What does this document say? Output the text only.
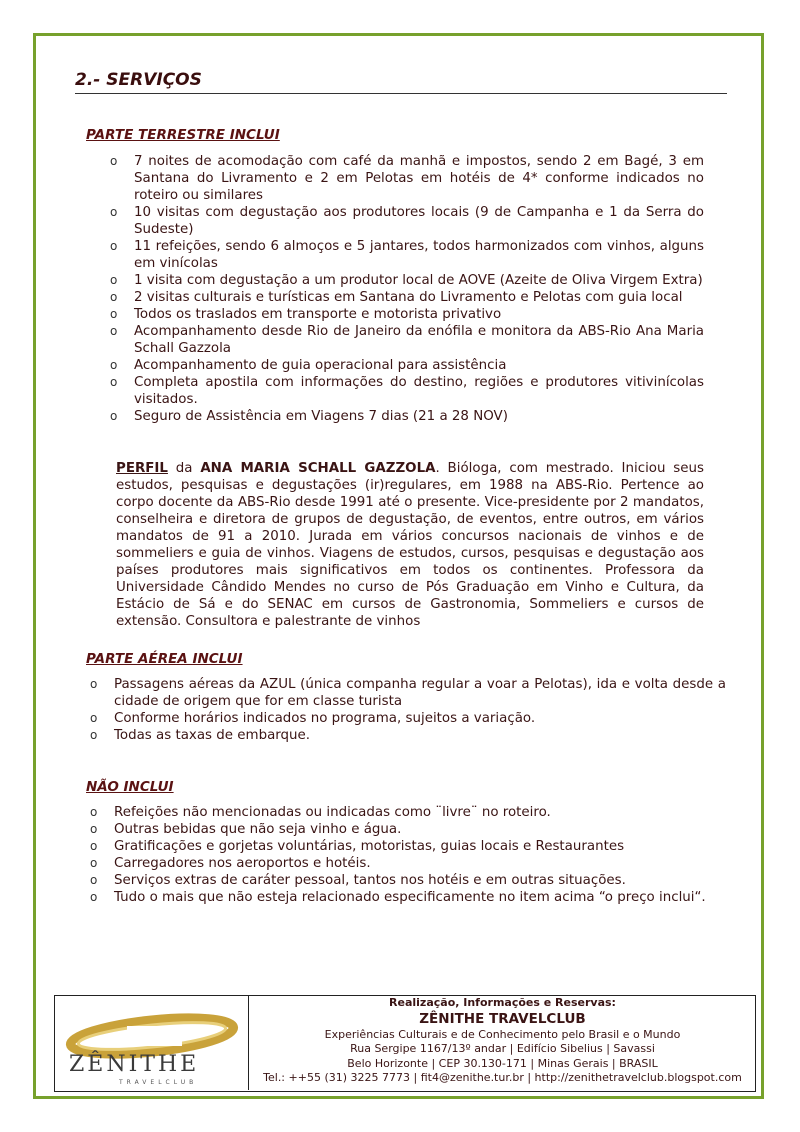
2.- SERVIÇOS
PARTE TERRESTRE INCLUI
o 7 noites de acomodação com café da manhã e impostos, sendo 2 em Bagé, 3 em Santana do Livramento e 2 em Pelotas em hotéis de 4* conforme indicados no roteiro ou similares
o 10 visitas com degustação aos produtores locais (9 de Campanha e 1 da Serra do Sudeste)
o 11 refeições, sendo 6 almoços e 5 jantares, todos harmonizados com vinhos, alguns em vinícolas
o 1 visita com degustação a um produtor local de AOVE (Azeite de Oliva Virgem Extra)
o 2 visitas culturais e turísticas em Santana do Livramento e Pelotas com guia local
o Todos os traslados em transporte e motorista privativo
o Acompanhamento desde Rio de Janeiro da enófila e monitora da ABS-Rio Ana Maria Schall Gazzola
o Acompanhamento de guia operacional para assistência
o Completa apostila com informações do destino, regiões e produtores vitivinícolas visitados.
o Seguro de Assistência em Viagens 7 dias (21 a 28 NOV)
PERFIL da ANA MARIA SCHALL GAZZOLA. Bióloga, com mestrado. Iniciou seus estudos, pesquisas e degustações (ir)regulares, em 1988 na ABS-Rio. Pertence ao corpo docente da ABS-Rio desde 1991 até o presente. Vice-presidente por 2 mandatos, conselheira e diretora de grupos de degustação, de eventos, entre outros, em vários mandatos de 91 a 2010. Jurada em vários concursos nacionais de vinhos e de sommeliers e guia de vinhos. Viagens de estudos, cursos, pesquisas e degustação aos países produtores mais significativos em todos os continentes. Professora da Universidade Cândido Mendes no curso de Pós Graduação em Vinho e Cultura, da Estácio de Sá e do SENAC em cursos de Gastronomia, Sommeliers e cursos de extensão. Consultora e palestrante de vinhos
PARTE AÉREA INCLUI
o Passagens aéreas da AZUL (única companha regular a voar a Pelotas), ida e volta desde a cidade de origem que for em classe turista
o Conforme horários indicados no programa, sujeitos a variação.
o Todas as taxas de embarque.
NÃO INCLUI
o Refeições não mencionadas ou indicadas como ¨livre¨ no roteiro.
o Outras bebidas que não seja vinho e água.
o Gratificações e gorjetas voluntárias, motoristas, guias locais e Restaurantes
o Carregadores nos aeroportos e hotéis.
o Serviços extras de caráter pessoal, tantos nos hotéis e em outras situações.
o Tudo o mais que não esteja relacionado especificamente no item acima “o preço inclui“.
ZÊNITHE
TRAVELCLUB
Realização, Informações e Reservas:
ZÊNITHE TRAVELCLUB
Experiências Culturais e de Conhecimento pelo Brasil e o Mundo
Rua Sergipe 1167/13º andar | Edifício Sibelius | Savassi
Belo Horizonte | CEP 30.130-171 | Minas Gerais | BRASIL
Tel.: ++55 (31) 3225 7773 | fit4@zenithe.tur.br | http://zenithetravelclub.blogspot.com
